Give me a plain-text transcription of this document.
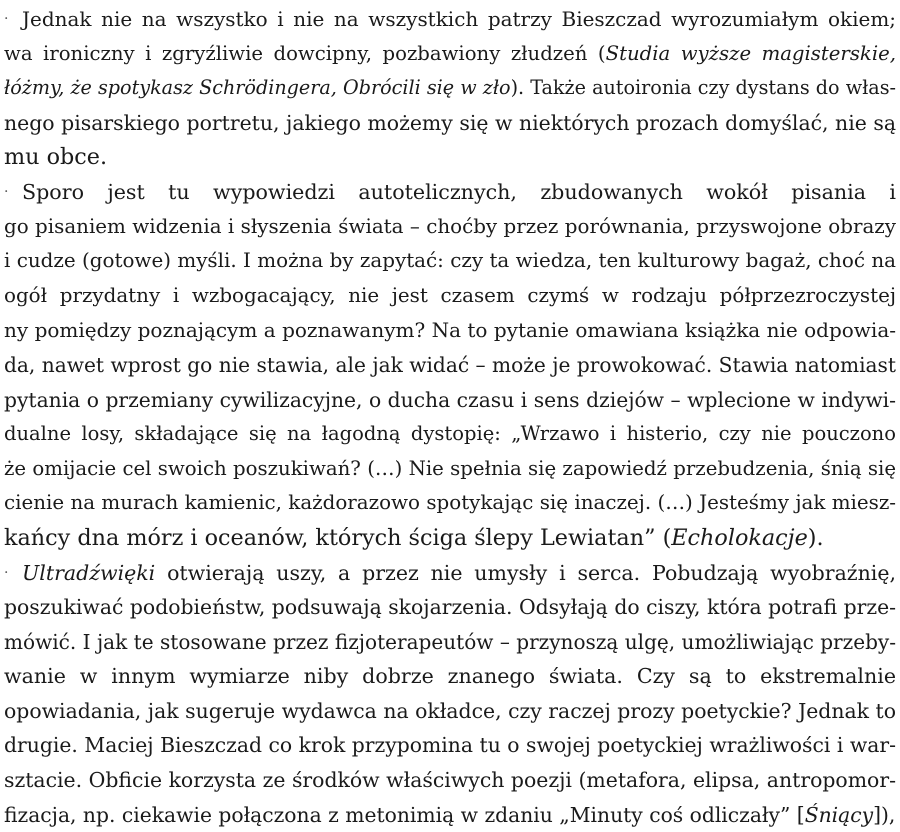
· Jednak nie na wszystko i nie na wszystkich patrzy Bieszczad wyrozumiałym okiem;
wa ironiczny i zgryźliwie dowcipny, pozbawiony złudzeń (Studia wyższe magisterskie,
łóżmy, że spotykasz Schrödingera, Obrócili się w zło). Także autoironia czy dystans do włas-
nego pisarskiego portretu, jakiego możemy się w niektórych prozach domyślać, nie są
mu obce.
· Sporo jest tu wypowiedzi autotelicznych, zbudowanych wokół pisania i
go pisaniem widzenia i słyszenia świata – choćby przez porównania, przyswojone obrazy
i cudze (gotowe) myśli. I można by zapytać: czy ta wiedza, ten kulturowy bagaż, choć na
ogół przydatny i wzbogacający, nie jest czasem czymś w rodzaju półprzezroczystej
ny pomiędzy poznającym a poznawanym? Na to pytanie omawiana książka nie odpowia-
da, nawet wprost go nie stawia, ale jak widać – może je prowokować. Stawia natomiast
pytania o przemiany cywilizacyjne, o ducha czasu i sens dziejów – wplecione w indywi-
dualne losy, składające się na łagodną dystopię: „Wrzawo i histerio, czy nie pouczono
że omijacie cel swoich poszukiwań? (…) Nie spełnia się zapowiedź przebudzenia, śnią się
cienie na murach kamienic, każdorazowo spotykając się inaczej. (…) Jesteśmy jak miesz-
kańcy dna mórz i oceanów, których ściga ślepy Lewiatan” (Echolokacje).
· Ultradźwięki otwierają uszy, a przez nie umysły i serca. Pobudzają wyobraźnię,
poszukiwać podobieństw, podsuwają skojarzenia. Odsyłają do ciszy, która potrafi prze-
mówić. I jak te stosowane przez fizjoterapeutów – przynoszą ulgę, umożliwiając przeby-
wanie w innym wymiarze niby dobrze znanego świata. Czy są to ekstremalnie
opowiadania, jak sugeruje wydawca na okładce, czy raczej prozy poetyckie? Jednak to
drugie. Maciej Bieszczad co krok przypomina tu o swojej poetyckiej wrażliwości i war-
sztacie. Obficie korzysta ze środków właściwych poezji (metafora, elipsa, antropomor-
fizacja, np. ciekawie połączona z metonimią w zdaniu „Minuty coś odliczały” [Śniący]),
